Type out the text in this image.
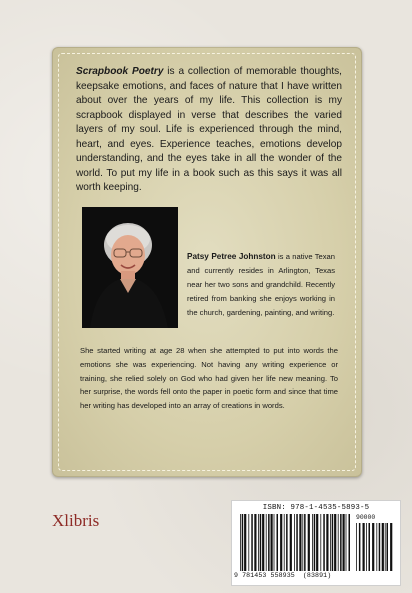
Scrapbook Poetry is a collection of memorable thoughts, keepsake emotions, and faces of nature that I have written about over the years of my life. This collection is my scrapbook displayed in verse that describes the varied layers of my soul. Life is experienced through the mind, heart, and eyes. Experience teaches, emotions develop understanding, and the eyes take in all the wonder of the world. To put my life in a book such as this says it was all worth keeping.

Patsy Petree Johnston is a native Texan and currently resides in Arlington, Texas near her two sons and grandchild. Recently retired from banking she enjoys working in the church, gardening, painting, and writing.

She started writing at age 28 when she attempted to put into words the emotions she was experiencing. Not having any writing experience or training, she relied solely on God who had given her life new meaning. To her surprise, the words fell onto the paper in poetic form and since that time her writing has developed into an array of creations in words.

Xlibris
ISBN: 978-1-4535-5893-5
90000
9 781453 558935 (83891)
